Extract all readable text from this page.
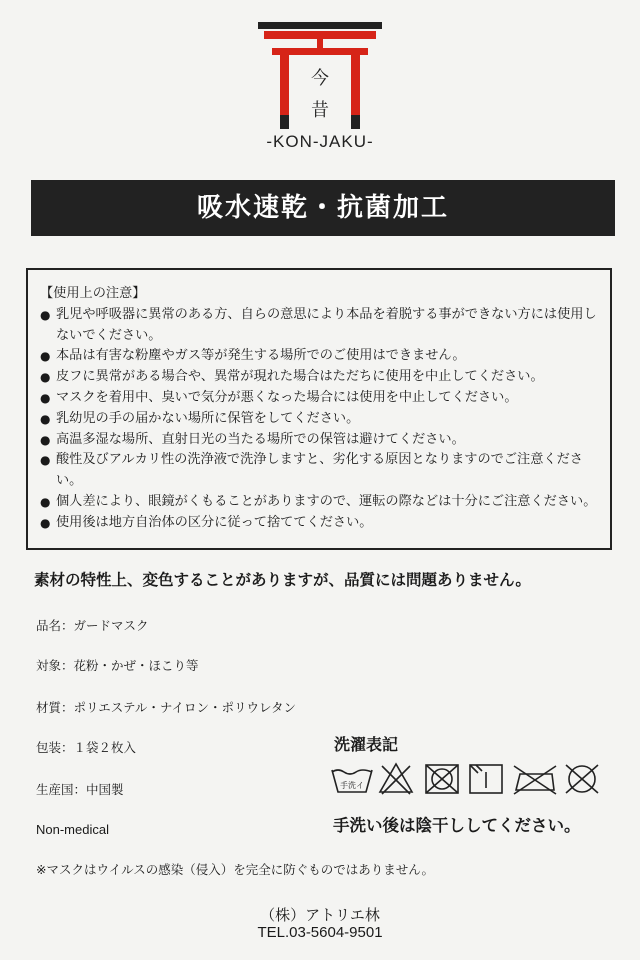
今
昔
-KON-JAKU-
吸水速乾・抗菌加工
【使用上の注意】
● 乳児や呼吸器に異常のある方、自らの意思により本品を着脱する事ができない方には使用しないでください。
● 本品は有害な粉塵やガス等が発生する場所でのご使用はできません。
● 皮フに異常がある場合や、異常が現れた場合はただちに使用を中止してください。
● マスクを着用中、臭いで気分が悪くなった場合には使用を中止してください。
● 乳幼児の手の届かない場所に保管をしてください。
● 高温多湿な場所、直射日光の当たる場所での保管は避けてください。
● 酸性及びアルカリ性の洗浄液で洗浄しますと、劣化する原因となりますのでご注意ください。
● 個人差により、眼鏡がくもることがありますので、運転の際などは十分にご注意ください。
● 使用後は地方自治体の区分に従って捨ててください。
素材の特性上、変色することがありますが、品質には問題ありません。
品名：ガードマスク
対象：花粉・かぜ・ほこり等
材質：ポリエステル・ナイロン・ポリウレタン
包装：１袋２枚入
生産国：中国製
Non-medical
洗濯表記
手洗イ
手洗い後は陰干ししてください。
※マスクはウイルスの感染（侵入）を完全に防ぐものではありません。
（株）アトリエ林
TEL.03-5604-9501
